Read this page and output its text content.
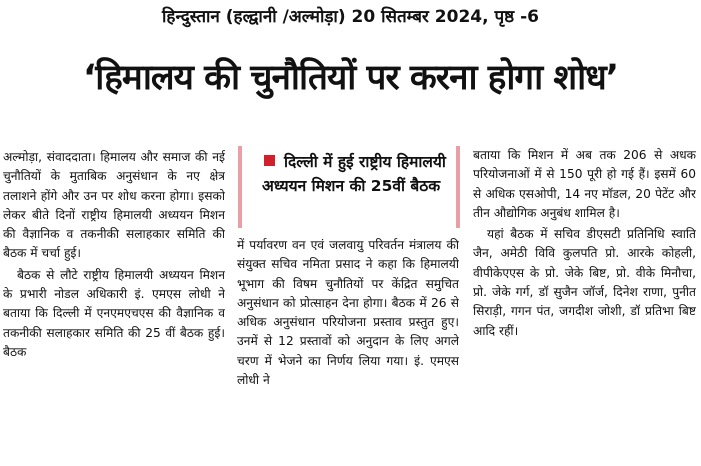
हिन्दुस्तान (हल्द्वानी /अल्मोड़ा) 20 सितम्बर 2024, पृष्ठ -6
‘हिमालय की चुनौतियों पर करना होगा शोध’

अल्मोड़ा, संवाददाता। हिमालय और समाज की नई चुनौतियों के मुताबिक अनुसंधान के नए क्षेत्र तलाशने होंगे और उन पर शोध करना होगा। इसको लेकर बीते दिनों राष्ट्रीय हिमालयी अध्ययन मिशन की वैज्ञानिक व तकनीकी सलाहकार समिति की बैठक में चर्चा हुई।

बैठक से लौटे राष्ट्रीय हिमालयी अध्ययन मिशन के प्रभारी नोडल अधिकारी इं. एमएस लोधी ने बताया कि दिल्ली में एनएमएचएस की वैज्ञानिक व तकनीकी सलाहकार समिति की 25 वीं बैठक हुई। बैठक

दिल्ली में हुई राष्ट्रीय हिमालयी अध्ययन मिशन की 25वीं बैठक

में पर्यावरण वन एवं जलवायु परिवर्तन मंत्रालय की संयुक्त सचिव नमिता प्रसाद ने कहा कि हिमालयी भूभाग की विषम चुनौतियों पर केंद्रित समुचित अनुसंधान को प्रोत्साहन देना होगा। बैठक में 26 से अधिक अनुसंधान परियोजना प्रस्ताव प्रस्तुत हुए। उनमें से 12 प्रस्तावों को अनुदान के लिए अगले चरण में भेजने का निर्णय लिया गया। इं. एमएस लोधी ने

बताया कि मिशन में अब तक 206 से अधक परियोजनाओं में से 150 पूरी हो गई हैं। इसमें 60 से अधिक एसओपी, 14 नए मॉडल, 20 पेटेंट और तीन औद्योगिक अनुबंध शामिल है।

यहां बैठक में सचिव डीएसटी प्रतिनिधि स्वाति जैन, अमेठी विवि कुलपति प्रो. आरके कोहली, वीपीकेएएस के प्रो. जेके बिष्ट, प्रो. वीके मिनौचा, प्रो. जेके गर्ग, डॉ सुजैन जॉर्ज, दिनेश राणा, पुनीत सिराड़ी, गगन पंत, जगदीश जोशी, डॉ प्रतिभा बिष्ट आदि रहीं।
